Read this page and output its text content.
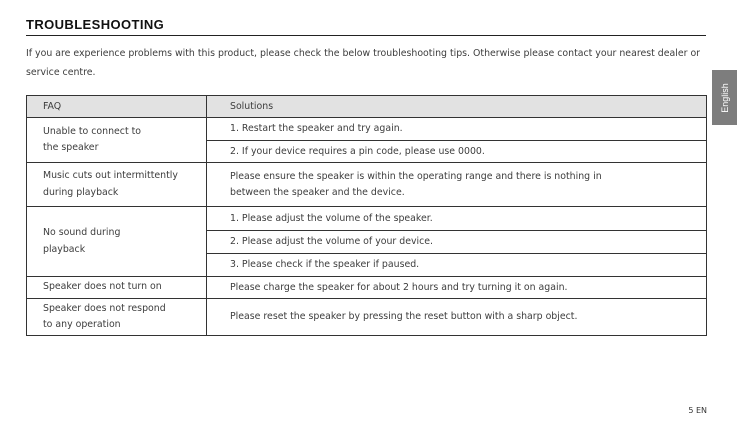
TROUBLESHOOTING
If you are experience problems with this product, please check the below troubleshooting tips. Otherwise please contact your nearest dealer or service centre.
English
FAQ	Solutions

Unable to connect to
the speaker	1. Restart the speaker and try again.
	2. If your device requires a pin code, please use 0000.

Music cuts out intermittently
during playback	Please ensure the speaker is within the operating range and there is nothing in between the speaker and the device.

No sound during
playback	1. Please adjust the volume of the speaker.
	2. Please adjust the volume of your device.
	3. Please check if the speaker if paused.

Speaker does not turn on	Please charge the speaker for about 2 hours and try turning it on again.

Speaker does not respond
to any operation	Please reset the speaker by pressing the reset button with a sharp object.
5 EN
